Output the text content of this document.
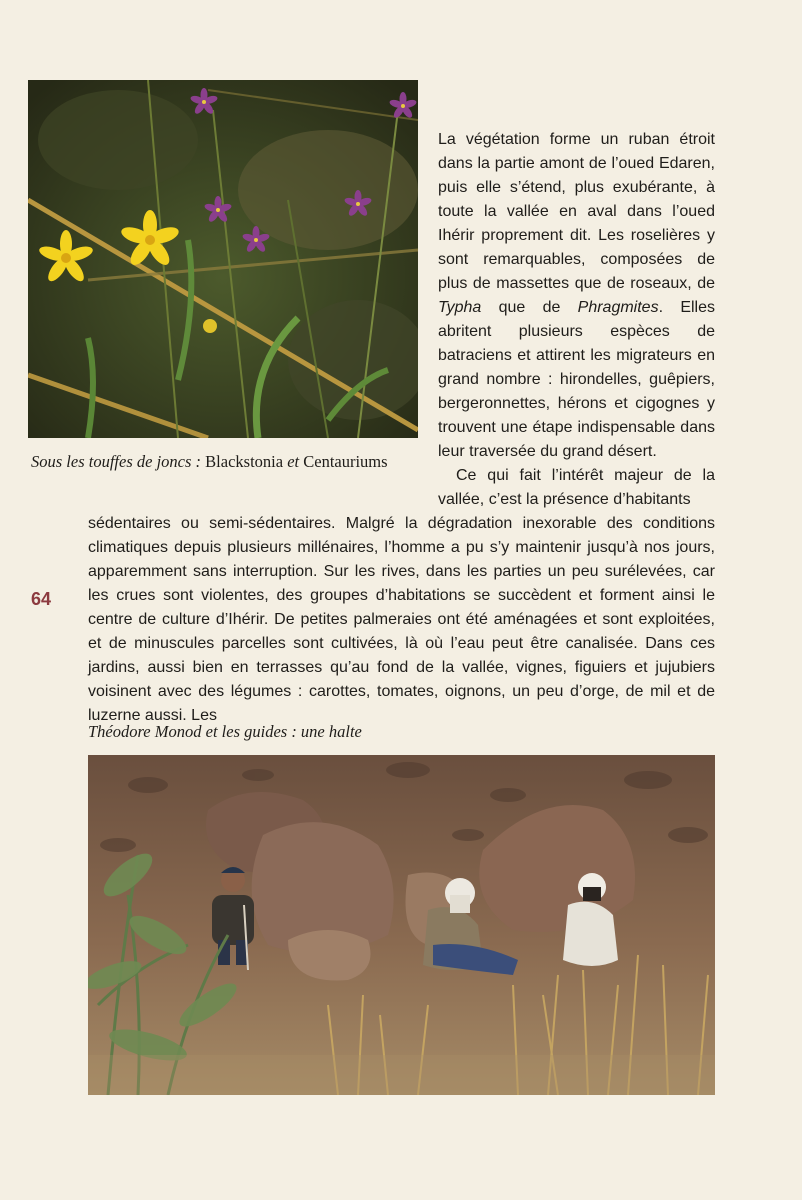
Sous les touffes de joncs : Blackstonia et Centauriums

La végétation forme un ruban étroit dans la partie amont de l’oued Edaren, puis elle s’étend, plus exubérante, à toute la vallée en aval dans l’oued Ihérir proprement dit. Les roselières y sont remarquables, composées de plus de massettes que de roseaux, de Typha que de Phragmites. Elles abritent plusieurs espèces de batraciens et attirent les migrateurs en grand nombre : hirondelles, guêpiers, bergeronnettes, hérons et cigognes y trouvent une étape indispensable dans leur traversée du grand désert.

Ce qui fait l’intérêt majeur de la vallée, c’est la présence d’habitants

sédentaires ou semi-sédentaires. Malgré la dégradation inexorable des conditions climatiques depuis plusieurs millénaires, l’homme a pu s’y maintenir jusqu’à nos jours, apparemment sans interruption. Sur les rives, dans les parties un peu surélevées, car les crues sont violentes, des groupes d’habitations se succèdent et forment ainsi le centre de culture d’Ihérir. De petites palmeraies ont été aménagées et sont exploitées, et de minuscules parcelles sont cultivées, là où l’eau peut être canalisée. Dans ces jardins, aussi bien en terrasses qu’au fond de la vallée, vignes, figuiers et jujubiers voisinent avec des légumes : carottes, tomates, oignons, un peu d’orge, de mil et de luzerne aussi. Les

64
Théodore Monod et les guides : une halte
